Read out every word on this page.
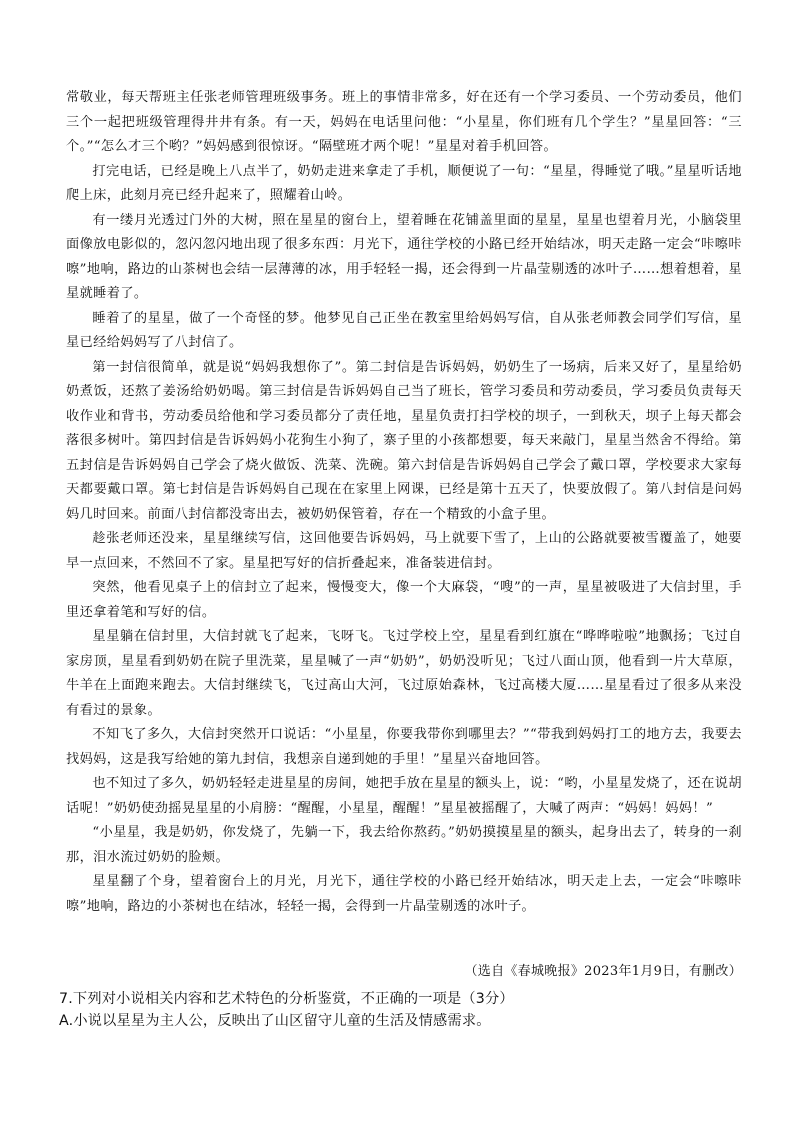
常敬业，每天帮班主任张老师管理班级事务。班上的事情非常多，好在还有一个学习委员、一个劳动委员，他们三个一起把班级管理得井井有条。有一天，妈妈在电话里问他：“小星星，你们班有几个学生？”星星回答：“三个。”“怎么才三个哟？”妈妈感到很惊讶。“隔壁班才两个呢！”星星对着手机回答。

打完电话，已经是晚上八点半了，奶奶走进来拿走了手机，顺便说了一句：“星星，得睡觉了哦。”星星听话地爬上床，此刻月亮已经升起来了，照耀着山岭。

有一缕月光透过门外的大树，照在星星的窗台上，望着睡在花铺盖里面的星星，星星也望着月光，小脑袋里面像放电影似的，忽闪忽闪地出现了很多东西：月光下，通往学校的小路已经开始结冰，明天走路一定会“咔嚓咔嚓”地响，路边的山茶树也会结一层薄薄的冰，用手轻轻一揭，还会得到一片晶莹剔透的冰叶子……想着想着，星星就睡着了。

睡着了的星星，做了一个奇怪的梦。他梦见自己正坐在教室里给妈妈写信，自从张老师教会同学们写信，星星已经给妈妈写了八封信了。

第一封信很简单，就是说“妈妈我想你了”。第二封信是告诉妈妈，奶奶生了一场病，后来又好了，星星给奶奶煮饭，还熬了姜汤给奶奶喝。第三封信是告诉妈妈自己当了班长，管学习委员和劳动委员，学习委员负责每天收作业和背书，劳动委员给他和学习委员都分了责任地，星星负责打扫学校的坝子，一到秋天，坝子上每天都会落很多树叶。第四封信是告诉妈妈小花狗生小狗了，寨子里的小孩都想要，每天来敲门，星星当然舍不得给。第五封信是告诉妈妈自己学会了烧火做饭、洗菜、洗碗。第六封信是告诉妈妈自己学会了戴口罩，学校要求大家每天都要戴口罩。第七封信是告诉妈妈自己现在在家里上网课，已经是第十五天了，快要放假了。第八封信是问妈妈几时回来。前面八封信都没寄出去，被奶奶保管着，存在一个精致的小盒子里。

趁张老师还没来，星星继续写信，这回他要告诉妈妈，马上就要下雪了，上山的公路就要被雪覆盖了，她要早一点回来，不然回不了家。星星把写好的信折叠起来，准备装进信封。

突然，他看见桌子上的信封立了起来，慢慢变大，像一个大麻袋，“嗖”的一声，星星被吸进了大信封里，手里还拿着笔和写好的信。

星星躺在信封里，大信封就飞了起来，飞呀飞。飞过学校上空，星星看到红旗在“哗哗啦啦”地飘扬；飞过自家房顶，星星看到奶奶在院子里洗菜，星星喊了一声“奶奶”，奶奶没听见；飞过八面山顶，他看到一片大草原，牛羊在上面跑来跑去。大信封继续飞，飞过高山大河，飞过原始森林，飞过高楼大厦……星星看过了很多从来没有看过的景象。

不知飞了多久，大信封突然开口说话：“小星星，你要我带你到哪里去？”“带我到妈妈打工的地方去，我要去找妈妈，这是我写给她的第九封信，我想亲自递到她的手里！”星星兴奋地回答。

也不知过了多久，奶奶轻轻走进星星的房间，她把手放在星星的额头上，说：“哟，小星星发烧了，还在说胡话呢！”奶奶使劲摇晃星星的小肩膀：“醒醒，小星星，醒醒！”星星被摇醒了，大喊了两声：“妈妈！妈妈！”

“小星星，我是奶奶，你发烧了，先躺一下，我去给你熬药。”奶奶摸摸星星的额头，起身出去了，转身的一刹那，泪水流过奶奶的脸颊。

星星翻了个身，望着窗台上的月光，月光下，通往学校的小路已经开始结冰，明天走上去，一定会“咔嚓咔嚓”地响，路边的小茶树也在结冰，轻轻一揭，会得到一片晶莹剔透的冰叶子。

（选自《春城晚报》2023年1月9日，有删改）
7.下列对小说相关内容和艺术特色的分析鉴赏，不正确的一项是（3分）
A.小说以星星为主人公，反映出了山区留守儿童的生活及情感需求。
